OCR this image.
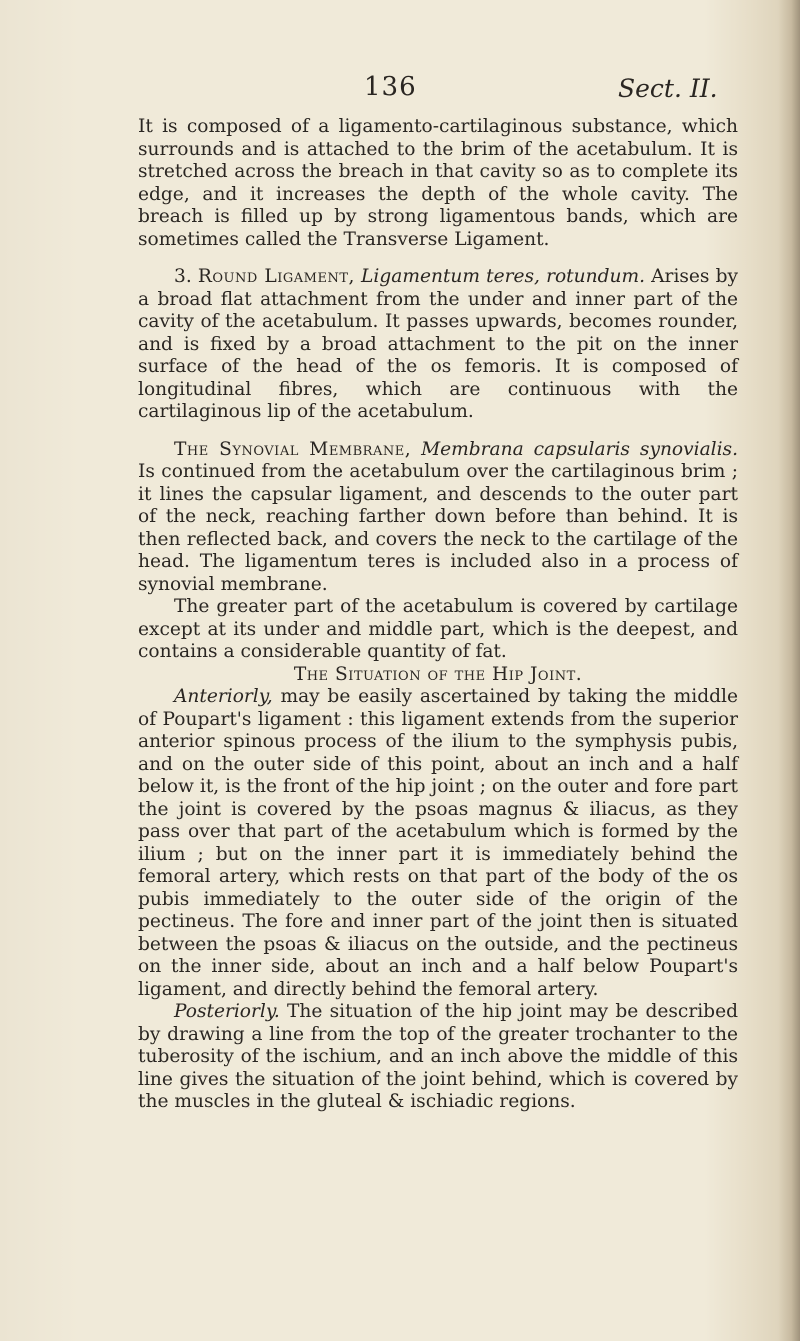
136	Sect. II.

It is composed of a ligamento-cartilaginous substance, which surrounds and is attached to the brim of the acetabulum. It is stretched across the breach in that cavity so as to complete its edge, and it increases the depth of the whole cavity. The breach is filled up by strong ligamentous bands, which are sometimes called the Transverse Ligament.

3. Round Ligament, Ligamentum teres, rotundum. Arises by a broad flat attachment from the under and inner part of the cavity of the acetabulum. It passes upwards, becomes rounder, and is fixed by a broad attachment to the pit on the inner surface of the head of the os femoris. It is composed of longitudinal fibres, which are continuous with the cartilaginous lip of the acetabulum.

The Synovial Membrane, Membrana capsularis synovialis. Is continued from the acetabulum over the cartilaginous brim ; it lines the capsular ligament, and descends to the outer part of the neck, reaching farther down before than behind. It is then reflected back, and covers the neck to the cartilage of the head. The ligamentum teres is included also in a process of synovial membrane.

The greater part of the acetabulum is covered by cartilage except at its under and middle part, which is the deepest, and contains a considerable quantity of fat.

The Situation of the Hip Joint.

Anteriorly, may be easily ascertained by taking the middle of Poupart's ligament : this ligament extends from the superior anterior spinous process of the ilium to the symphysis pubis, and on the outer side of this point, about an inch and a half below it, is the front of the hip joint ; on the outer and fore part the joint is covered by the psoas magnus & iliacus, as they pass over that part of the acetabulum which is formed by the ilium ; but on the inner part it is immediately behind the femoral artery, which rests on that part of the body of the os pubis immediately to the outer side of the origin of the pectineus. The fore and inner part of the joint then is situated between the psoas & iliacus on the outside, and the pectineus on the inner side, about an inch and a half below Poupart's ligament, and directly behind the femoral artery.

Posteriorly. The situation of the hip joint may be described by drawing a line from the top of the greater trochanter to the tuberosity of the ischium, and an inch above the middle of this line gives the situation of the joint behind, which is covered by the muscles in the gluteal & ischiadic regions.
